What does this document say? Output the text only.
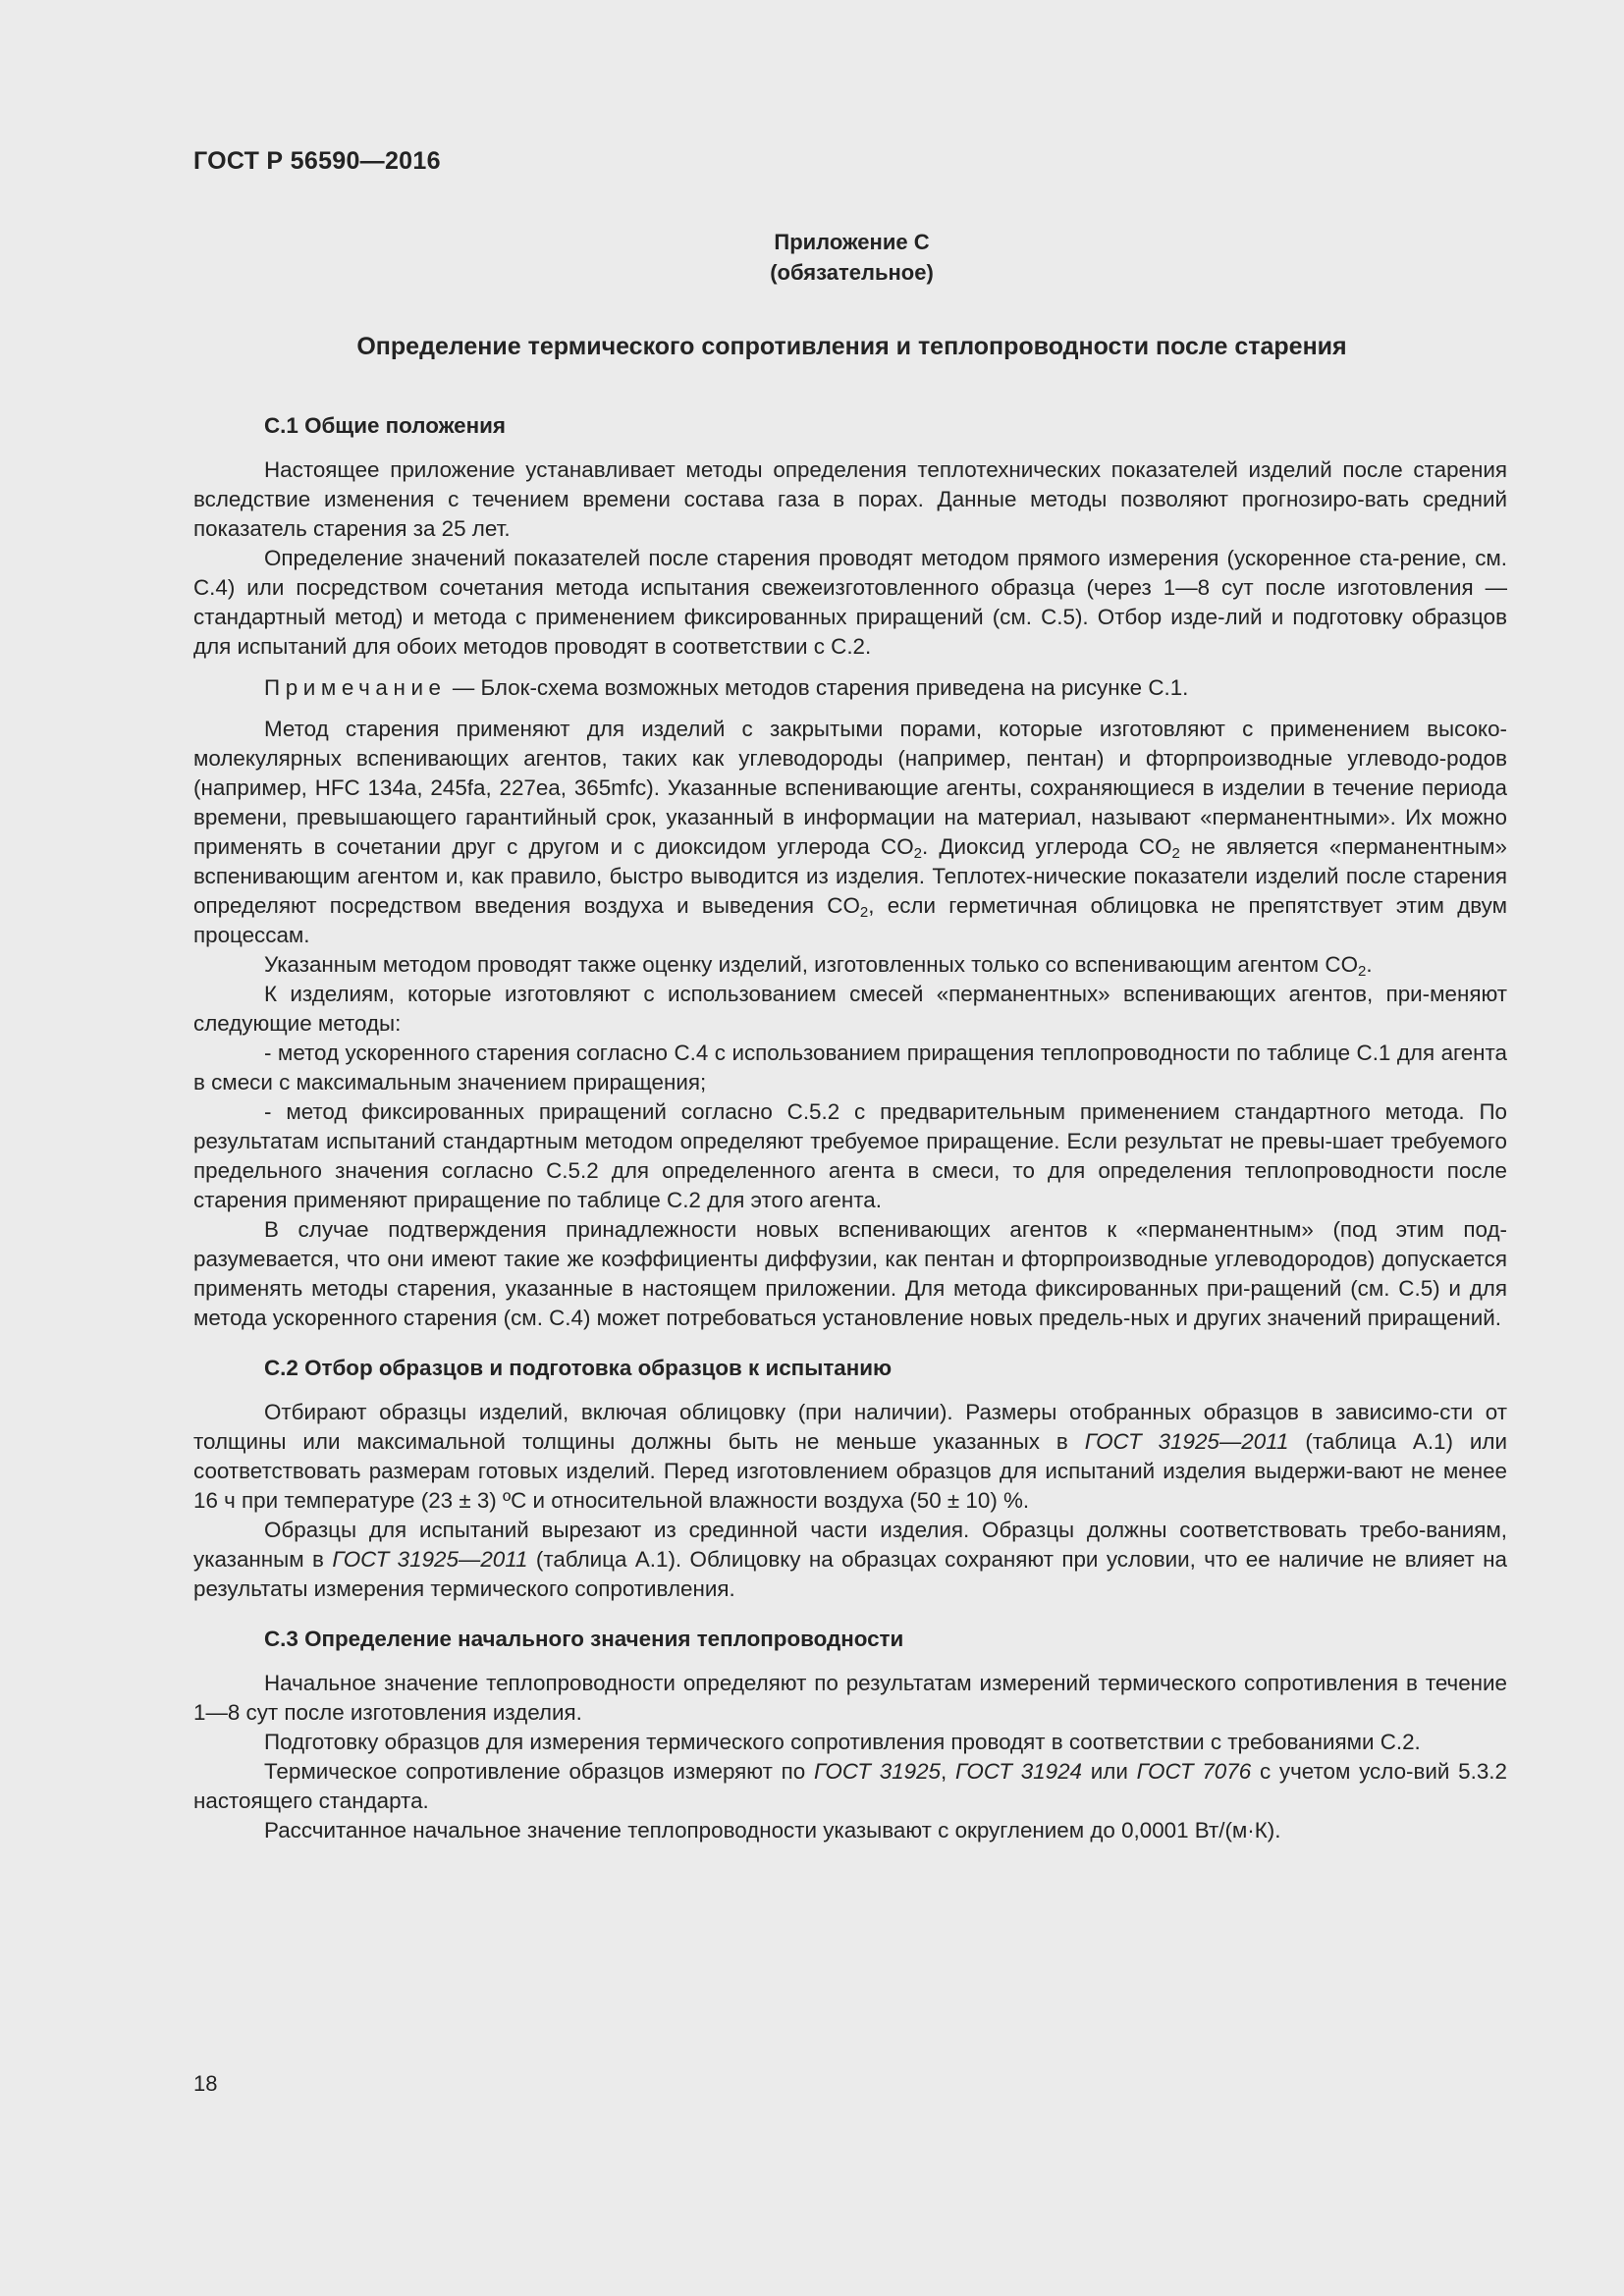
ГОСТ Р 56590—2016
Приложение С
(обязательное)
Определение термического сопротивления и теплопроводности после старения
С.1 Общие положения

Настоящее приложение устанавливает методы определения теплотехнических показателей изделий после старения вследствие изменения с течением времени состава газа в порах. Данные методы позволяют прогнозиро-вать средний показатель старения за 25 лет.

Определение значений показателей после старения проводят методом прямого измерения (ускоренное ста-рение, см. С.4) или посредством сочетания метода испытания свежеизготовленного образца (через 1—8 сут после изготовления — стандартный метод) и метода с применением фиксированных приращений (см. С.5). Отбор изде-лий и подготовку образцов для испытаний для обоих методов проводят в соответствии с С.2.

Примечание — Блок-схема возможных методов старения приведена на рисунке С.1.

Метод старения применяют для изделий с закрытыми порами, которые изготовляют с применением высоко-молекулярных вспенивающих агентов, таких как углеводороды (например, пентан) и фторпроизводные углеводо-родов (например, HFC 134a, 245fa, 227ea, 365mfc). Указанные вспенивающие агенты, сохраняющиеся в изделии в течение периода времени, превышающего гарантийный срок, указанный в информации на материал, называют «перманентными». Их можно применять в сочетании друг с другом и с диоксидом углерода $CO_2$. Диоксид углерода $CO_2$ не является «перманентным» вспенивающим агентом и, как правило, быстро выводится из изделия. Теплотех-нические показатели изделий после старения определяют посредством введения воздуха и выведения $CO_2$, если герметичная облицовка не препятствует этим двум процессам.

Указанным методом проводят также оценку изделий, изготовленных только со вспенивающим агентом $CO_2$.

К изделиям, которые изготовляют с использованием смесей «перманентных» вспенивающих агентов, при-меняют следующие методы:

- метод ускоренного старения согласно С.4 с использованием приращения теплопроводности по таблице С.1 для агента в смеси с максимальным значением приращения;

- метод фиксированных приращений согласно С.5.2 с предварительным применением стандартного метода. По результатам испытаний стандартным методом определяют требуемое приращение. Если результат не превы-шает требуемого предельного значения согласно С.5.2 для определенного агента в смеси, то для определения теплопроводности после старения применяют приращение по таблице С.2 для этого агента.

В случае подтверждения принадлежности новых вспенивающих агентов к «перманентным» (под этим под-разумевается, что они имеют такие же коэффициенты диффузии, как пентан и фторпроизводные углеводородов) допускается применять методы старения, указанные в настоящем приложении. Для метода фиксированных при-ращений (см. С.5) и для метода ускоренного старения (см. С.4) может потребоваться установление новых предель-ных и других значений приращений.

С.2 Отбор образцов и подготовка образцов к испытанию

Отбирают образцы изделий, включая облицовку (при наличии). Размеры отобранных образцов в зависимо-сти от толщины или максимальной толщины должны быть не меньше указанных в ГОСТ 31925—2011 (таблица А.1) или соответствовать размерам готовых изделий. Перед изготовлением образцов для испытаний изделия выдержи-вают не менее 16 ч при температуре (23 ± 3) ºС и относительной влажности воздуха (50 ± 10) %.

Образцы для испытаний вырезают из срединной части изделия. Образцы должны соответствовать требо-ваниям, указанным в ГОСТ 31925—2011 (таблица А.1). Облицовку на образцах сохраняют при условии, что ее наличие не влияет на результаты измерения термического сопротивления.

С.3 Определение начального значения теплопроводности

Начальное значение теплопроводности определяют по результатам измерений термического сопротивления в течение 1—8 сут после изготовления изделия.

Подготовку образцов для измерения термического сопротивления проводят в соответствии с требованиями С.2.

Термическое сопротивление образцов измеряют по ГОСТ 31925, ГОСТ 31924 или ГОСТ 7076 с учетом усло-вий 5.3.2 настоящего стандарта.

Рассчитанное начальное значение теплопроводности указывают с округлением до 0,0001 Вт/(м·К).

18
